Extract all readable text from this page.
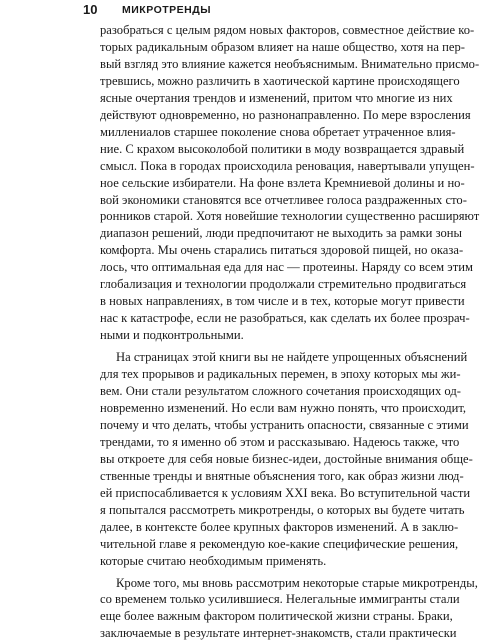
10 МИКРОТРЕНДЫ
разобраться с целым рядом новых факторов, совместное действие ко-
торых радикальным образом влияет на наше общество, хотя на пер-
вый взгляд это влияние кажется необъяснимым. Внимательно присмо-
тревшись, можно различить в хаотической картине происходящего
ясные очертания трендов и изменений, притом что многие из них
действуют одновременно, но разнонаправленно. По мере взросления
миллениалов старшее поколение снова обретает утраченное влия-
ние. С крахом высоколобой политики в моду возвращается здравый
смысл. Пока в городах происходила реновация, навертывали упущен-
ное сельские избиратели. На фоне взлета Кремниевой долины и но-
вой экономики становятся все отчетливее голоса раздраженных сто-
ронников старой. Хотя новейшие технологии существенно расширяют
диапазон решений, люди предпочитают не выходить за рамки зоны
комфорта. Мы очень старались питаться здоровой пищей, но оказа-
лось, что оптимальная еда для нас — протеины. Наряду со всем этим
глобализация и технологии продолжали стремительно продвигаться
в новых направлениях, в том числе и в тех, которые могут привести
нас к катастрофе, если не разобраться, как сделать их более прозрач-
ными и подконтрольными.
На страницах этой книги вы не найдете упрощенных объяснений
для тех прорывов и радикальных перемен, в эпоху которых мы жи-
вем. Они стали результатом сложного сочетания происходящих од-
новременно изменений. Но если вам нужно понять, что происходит,
почему и что делать, чтобы устранить опасности, связанные с этими
трендами, то я именно об этом и рассказываю. Надеюсь также, что
вы откроете для себя новые бизнес-идеи, достойные внимания обще-
ственные тренды и внятные объяснения того, как образ жизни люд-
ей приспосабливается к условиям XXI века. Во вступительной части
я попытался рассмотреть микротренды, о которых вы будете читать
далее, в контексте более крупных факторов изменений. А в заклю-
чительной главе я рекомендую кое-какие специфические решения,
которые считаю необходимым применять.
Кроме того, мы вновь рассмотрим некоторые старые микротренды,
со временем только усилившиеся. Нелегальные иммигранты стали
еще более важным фактором политической жизни страны. Браки,
заключаемые в результате интернет-знакомств, стали практически
